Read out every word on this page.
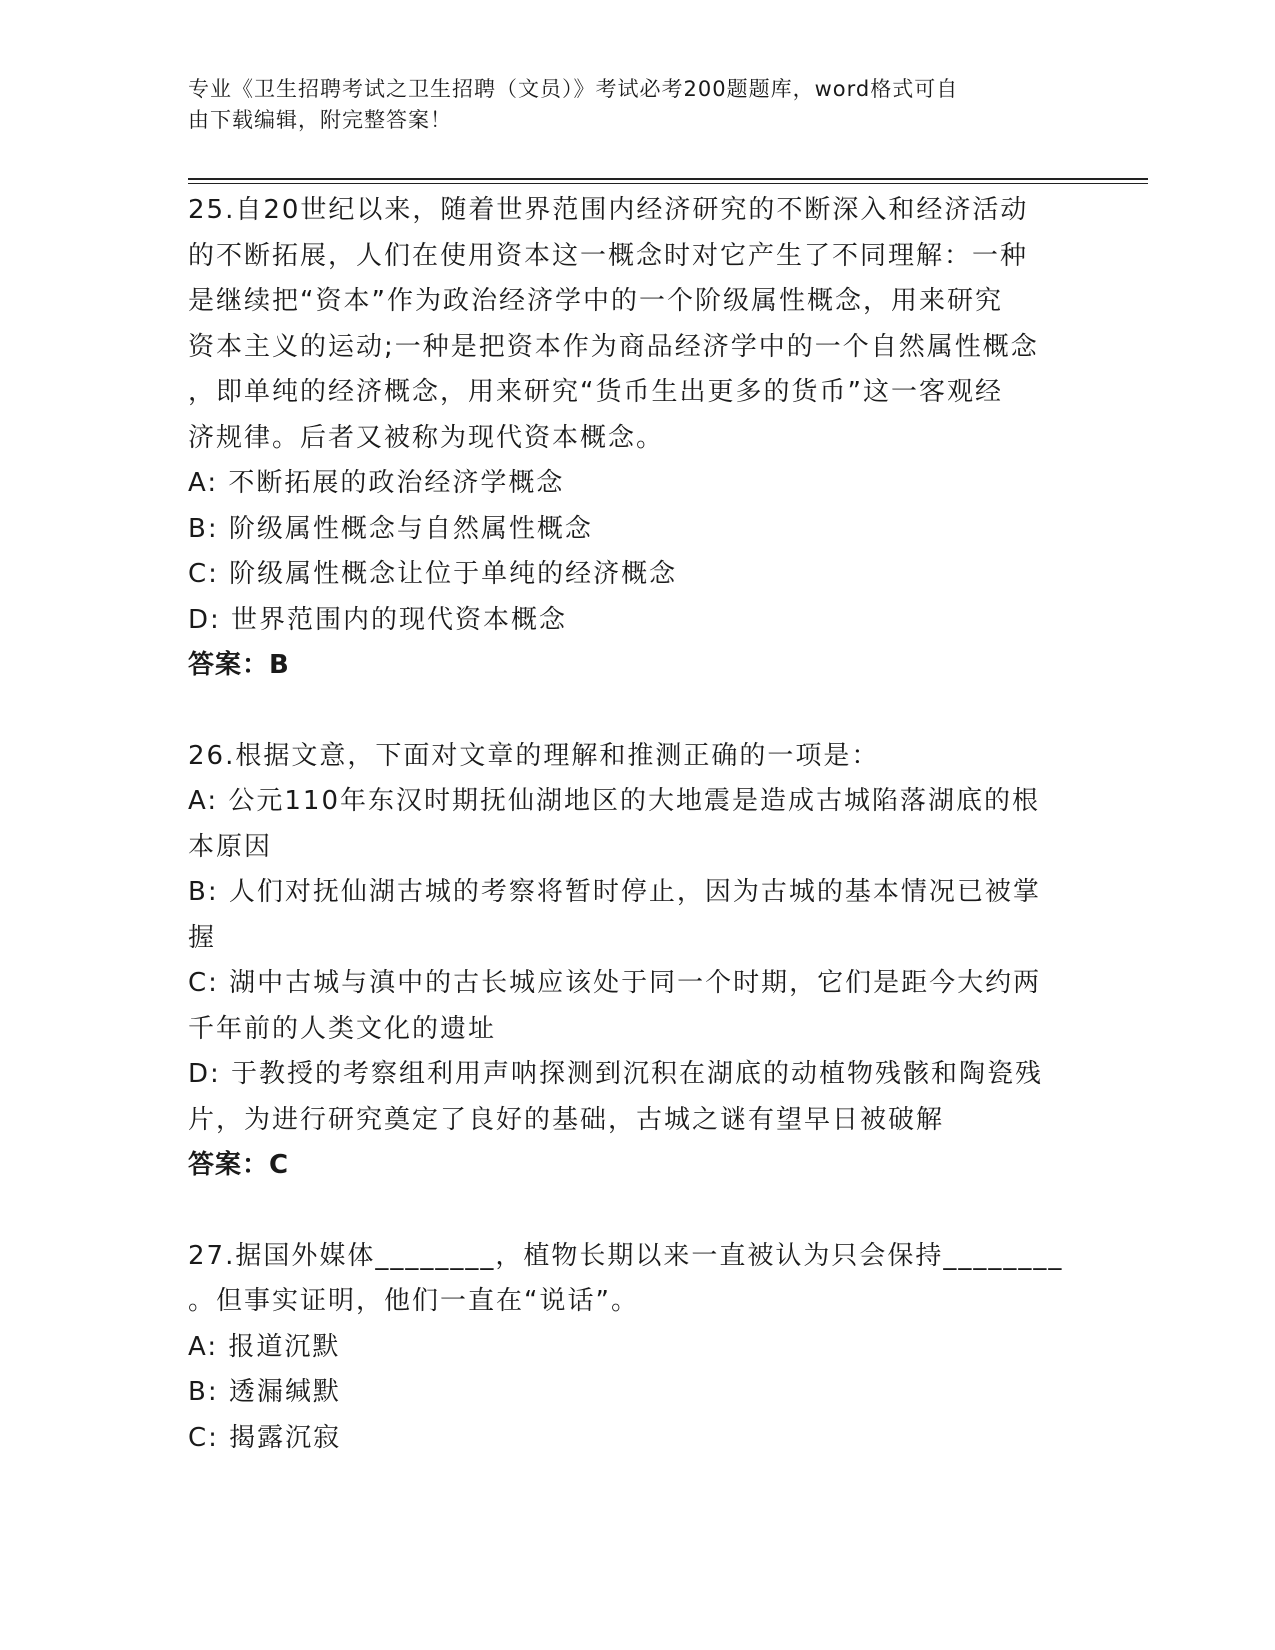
专业《卫生招聘考试之卫生招聘（文员）》考试必考200题题库，word格式可自
由下载编辑，附完整答案！
25.自20世纪以来，随着世界范围内经济研究的不断深入和经济活动
的不断拓展，人们在使用资本这一概念时对它产生了不同理解：一种
是继续把“资本”作为政治经济学中的一个阶级属性概念，用来研究
资本主义的运动;一种是把资本作为商品经济学中的一个自然属性概念
，即单纯的经济概念，用来研究“货币生出更多的货币”这一客观经
济规律。后者又被称为现代资本概念。
A: 不断拓展的政治经济学概念
B: 阶级属性概念与自然属性概念
C: 阶级属性概念让位于单纯的经济概念
D: 世界范围内的现代资本概念
答案：B
26.根据文意，下面对文章的理解和推测正确的一项是：
A: 公元110年东汉时期抚仙湖地区的大地震是造成古城陷落湖底的根
本原因
B: 人们对抚仙湖古城的考察将暂时停止，因为古城的基本情况已被掌
握
C: 湖中古城与滇中的古长城应该处于同一个时期，它们是距今大约两
千年前的人类文化的遗址
D: 于教授的考察组利用声呐探测到沉积在湖底的动植物残骸和陶瓷残
片，为进行研究奠定了良好的基础，古城之谜有望早日被破解
答案：C
27.据国外媒体________，植物长期以来一直被认为只会保持________
。但事实证明，他们一直在“说话”。
A: 报道沉默
B: 透漏缄默
C: 揭露沉寂
